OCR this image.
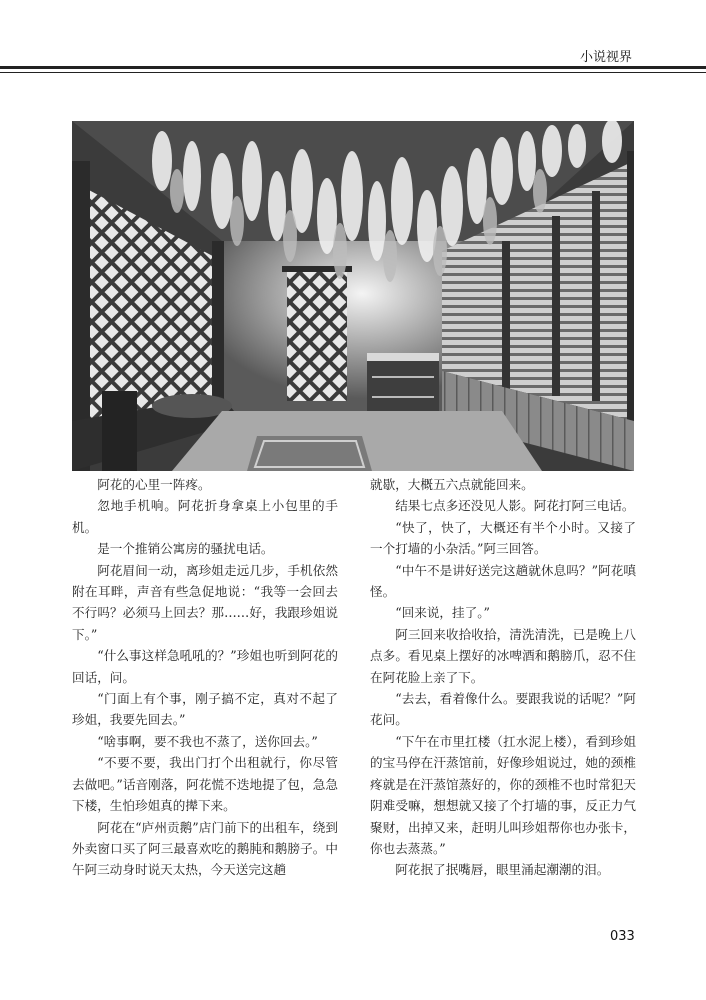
小说视界

阿花的心里一阵疼。

忽地手机响。阿花折身拿桌上小包里的手机。

是一个推销公寓房的骚扰电话。

阿花眉间一动，离珍姐走远几步，手机依然附在耳畔，声音有些急促地说：“我等一会回去不行吗？必须马上回去？那……好，我跟珍姐说下。”

“什么事这样急吼吼的？”珍姐也听到阿花的回话，问。

“门面上有个事，刚子搞不定，真对不起了珍姐，我要先回去。”

“啥事啊，要不我也不蒸了，送你回去。”

“不要不要，我出门打个出租就行，你尽管去做吧。”话音刚落，阿花慌不迭地提了包，急急下楼，生怕珍姐真的撵下来。

阿花在“庐州贡鹅”店门前下的出租车，绕到外卖窗口买了阿三最喜欢吃的鹅肫和鹅膀子。中午阿三动身时说天太热，今天送完这趟

就歇，大概五六点就能回来。

结果七点多还没见人影。阿花打阿三电话。

“快了，快了，大概还有半个小时。又接了一个打墙的小杂活。”阿三回答。

“中午不是讲好送完这趟就休息吗？”阿花嗔怪。

“回来说，挂了。”

阿三回来收拾收拾，清洗清洗，已是晚上八点多。看见桌上摆好的冰啤酒和鹅膀爪，忍不住在阿花脸上亲了下。

“去去，看着像什么。要跟我说的话呢？”阿花问。

“下午在市里扛楼（扛水泥上楼），看到珍姐的宝马停在汗蒸馆前，好像珍姐说过，她的颈椎疼就是在汗蒸馆蒸好的，你的颈椎不也时常犯天阴难受嘛，想想就又接了个打墙的事，反正力气聚财，出掉又来，赶明儿叫珍姐帮你也办张卡，你也去蒸蒸。”

阿花抿了抿嘴唇，眼里涌起潮潮的泪。

033
